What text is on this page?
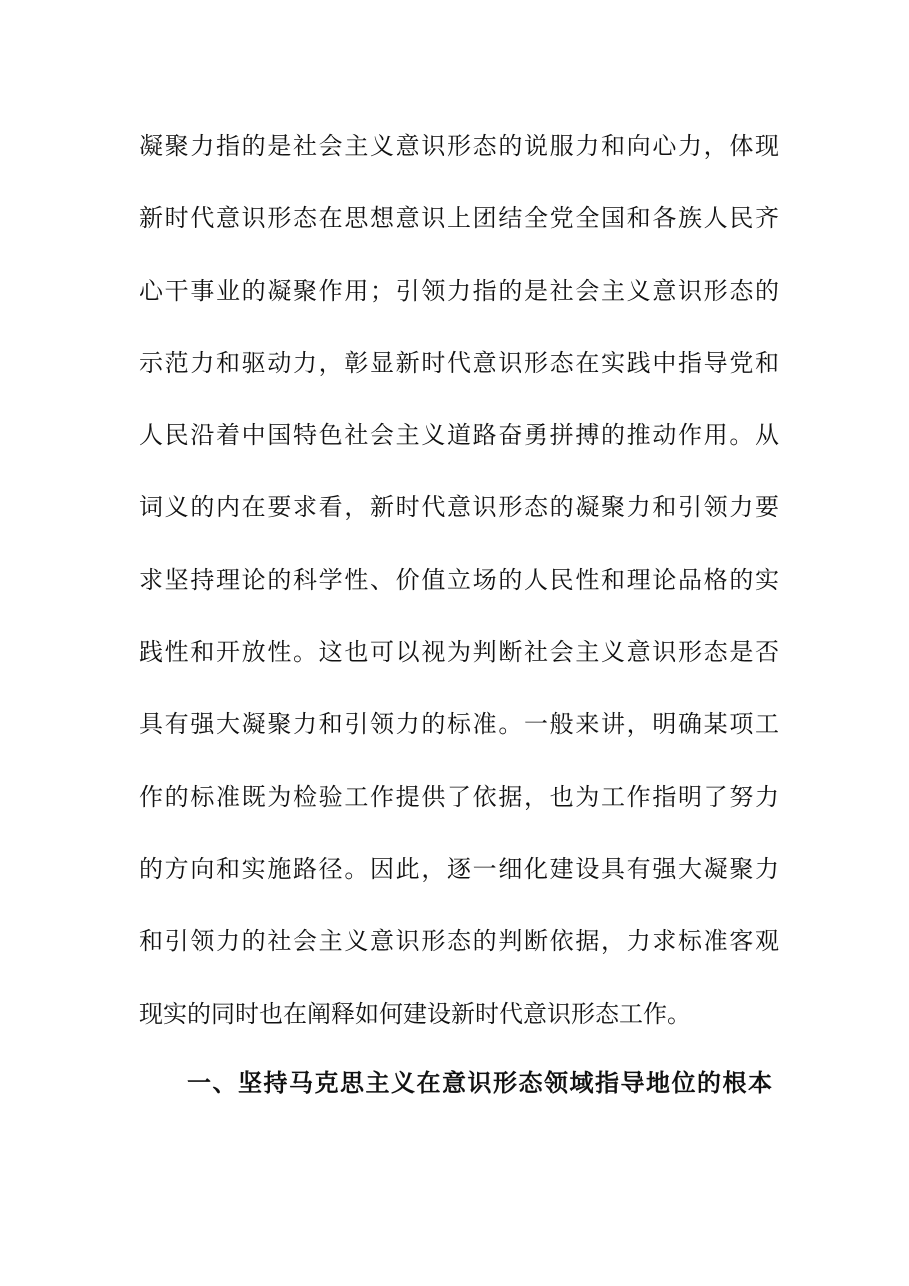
凝聚力指的是社会主义意识形态的说服力和向心力，体现
新时代意识形态在思想意识上团结全党全国和各族人民齐
心干事业的凝聚作用；引领力指的是社会主义意识形态的
示范力和驱动力，彰显新时代意识形态在实践中指导党和
人民沿着中国特色社会主义道路奋勇拼搏的推动作用。从
词义的内在要求看，新时代意识形态的凝聚力和引领力要
求坚持理论的科学性、价值立场的人民性和理论品格的实
践性和开放性。这也可以视为判断社会主义意识形态是否
具有强大凝聚力和引领力的标准。一般来讲，明确某项工
作的标准既为检验工作提供了依据，也为工作指明了努力
的方向和实施路径。因此，逐一细化建设具有强大凝聚力
和引领力的社会主义意识形态的判断依据，力求标准客观
现实的同时也在阐释如何建设新时代意识形态工作。
一、坚持马克思主义在意识形态领域指导地位的根本
